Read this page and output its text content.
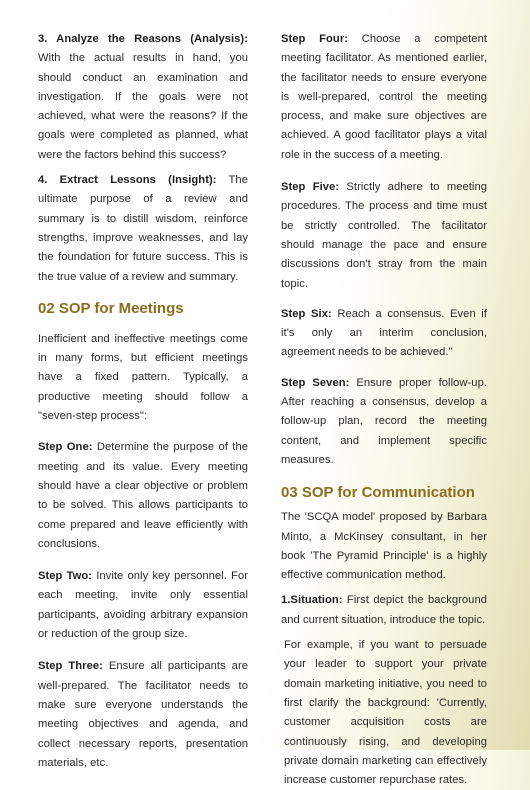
3. Analyze the Reasons (Analysis): With the actual results in hand, you should conduct an examination and investigation. If the goals were not achieved, what were the reasons? If the goals were completed as planned, what were the factors behind this success?

4. Extract Lessons (Insight): The ultimate purpose of a review and summary is to distill wisdom, reinforce strengths, improve weaknesses, and lay the foundation for future success. This is the true value of a review and summary.

02 SOP for Meetings

Inefficient and ineffective meetings come in many forms, but efficient meetings have a fixed pattern. Typically, a productive meeting should follow a "seven-step process":

Step One: Determine the purpose of the meeting and its value. Every meeting should have a clear objective or problem to be solved. This allows participants to come prepared and leave efficiently with conclusions.

Step Two: Invite only key personnel. For each meeting, invite only essential participants, avoiding arbitrary expansion or reduction of the group size.

Step Three: Ensure all participants are well-prepared. The facilitator needs to make sure everyone understands the meeting objectives and agenda, and collect necessary reports, presentation materials, etc.

Step Four: Choose a competent meeting facilitator. As mentioned earlier, the facilitator needs to ensure everyone is well-prepared, control the meeting process, and make sure objectives are achieved. A good facilitator plays a vital role in the success of a meeting.

Step Five: Strictly adhere to meeting procedures. The process and time must be strictly controlled. The facilitator should manage the pace and ensure discussions don't stray from the main topic.

Step Six: Reach a consensus. Even if it's only an interim conclusion, agreement needs to be achieved."

Step Seven: Ensure proper follow-up. After reaching a consensus, develop a follow-up plan, record the meeting content, and implement specific measures.

03 SOP for Communication

The 'SCQA model' proposed by Barbara Minto, a McKinsey consultant, in her book 'The Pyramid Principle' is a highly effective communication method.

1.Situation: First depict the background and current situation, introduce the topic.

For example, if you want to persuade your leader to support your private domain marketing initiative, you need to first clarify the background: 'Currently, customer acquisition costs are continuously rising, and developing private domain marketing can effectively increase customer repurchase rates.
